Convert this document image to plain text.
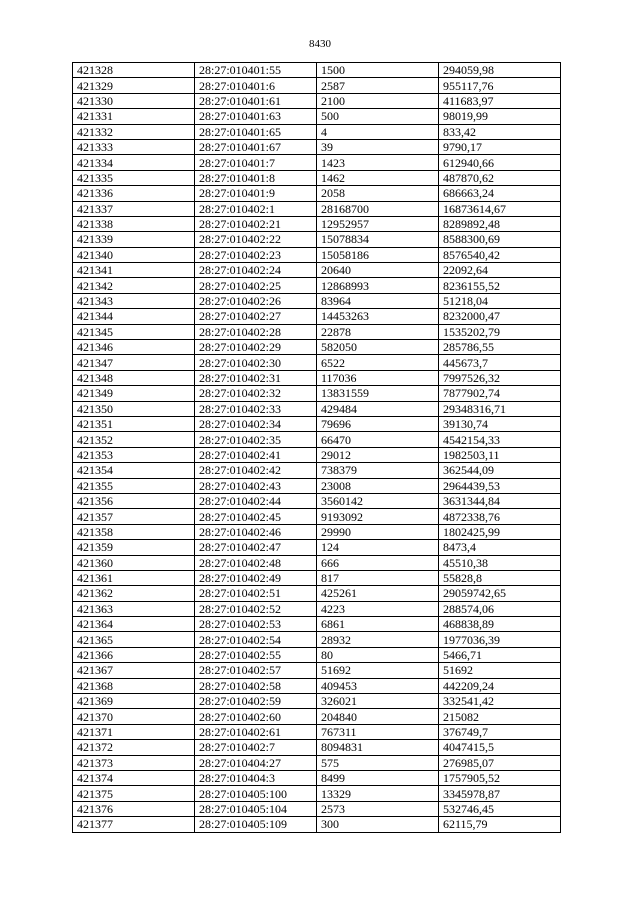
8430
421328	28:27:010401:55	1500	294059,98
421329	28:27:010401:6	2587	955117,76
421330	28:27:010401:61	2100	411683,97
421331	28:27:010401:63	500	98019,99
421332	28:27:010401:65	4	833,42
421333	28:27:010401:67	39	9790,17
421334	28:27:010401:7	1423	612940,66
421335	28:27:010401:8	1462	487870,62
421336	28:27:010401:9	2058	686663,24
421337	28:27:010402:1	28168700	16873614,67
421338	28:27:010402:21	12952957	8289892,48
421339	28:27:010402:22	15078834	8588300,69
421340	28:27:010402:23	15058186	8576540,42
421341	28:27:010402:24	20640	22092,64
421342	28:27:010402:25	12868993	8236155,52
421343	28:27:010402:26	83964	51218,04
421344	28:27:010402:27	14453263	8232000,47
421345	28:27:010402:28	22878	1535202,79
421346	28:27:010402:29	582050	285786,55
421347	28:27:010402:30	6522	445673,7
421348	28:27:010402:31	117036	7997526,32
421349	28:27:010402:32	13831559	7877902,74
421350	28:27:010402:33	429484	29348316,71
421351	28:27:010402:34	79696	39130,74
421352	28:27:010402:35	66470	4542154,33
421353	28:27:010402:41	29012	1982503,11
421354	28:27:010402:42	738379	362544,09
421355	28:27:010402:43	23008	2964439,53
421356	28:27:010402:44	3560142	3631344,84
421357	28:27:010402:45	9193092	4872338,76
421358	28:27:010402:46	29990	1802425,99
421359	28:27:010402:47	124	8473,4
421360	28:27:010402:48	666	45510,38
421361	28:27:010402:49	817	55828,8
421362	28:27:010402:51	425261	29059742,65
421363	28:27:010402:52	4223	288574,06
421364	28:27:010402:53	6861	468838,89
421365	28:27:010402:54	28932	1977036,39
421366	28:27:010402:55	80	5466,71
421367	28:27:010402:57	51692	51692
421368	28:27:010402:58	409453	442209,24
421369	28:27:010402:59	326021	332541,42
421370	28:27:010402:60	204840	215082
421371	28:27:010402:61	767311	376749,7
421372	28:27:010402:7	8094831	4047415,5
421373	28:27:010404:27	575	276985,07
421374	28:27:010404:3	8499	1757905,52
421375	28:27:010405:100	13329	3345978,87
421376	28:27:010405:104	2573	532746,45
421377	28:27:010405:109	300	62115,79
